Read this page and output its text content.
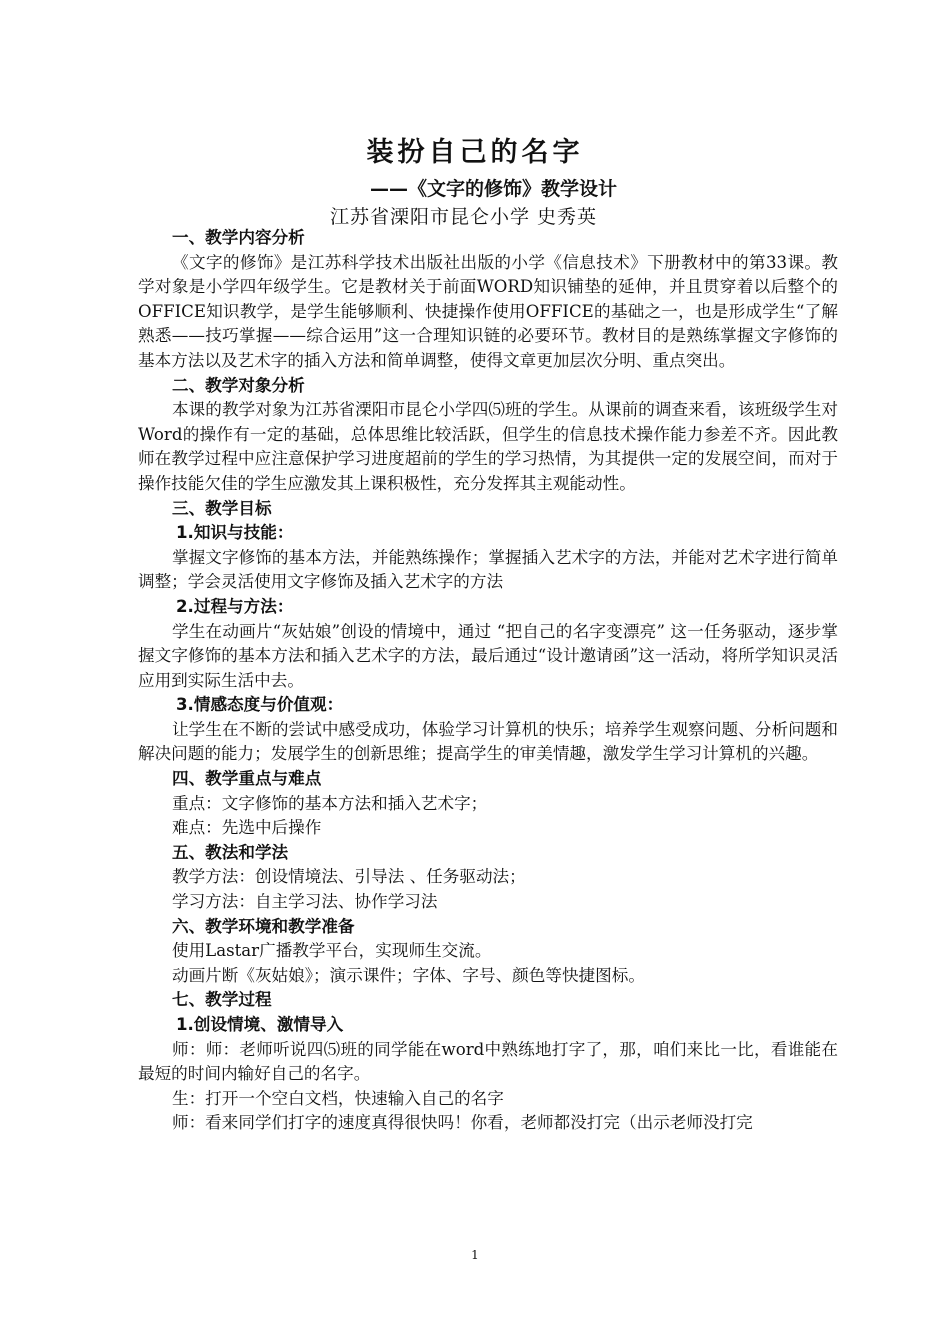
装扮自己的名字
——《文字的修饰》教学设计
江苏省溧阳市昆仑小学 史秀英
一、教学内容分析

《文字的修饰》是江苏科学技术出版社出版的小学《信息技术》下册教材中的第33课。教学对象是小学四年级学生。它是教材关于前面WORD知识铺垫的延伸，并且贯穿着以后整个的OFFICE知识教学，是学生能够顺利、快捷操作使用OFFICE的基础之一，也是形成学生“了解熟悉——技巧掌握——综合运用”这一合理知识链的必要环节。教材目的是熟练掌握文字修饰的基本方法以及艺术字的插入方法和简单调整，使得文章更加层次分明、重点突出。

二、教学对象分析

本课的教学对象为江苏省溧阳市昆仑小学四⑸班的学生。从课前的调查来看，该班级学生对Word的操作有一定的基础，总体思维比较活跃，但学生的信息技术操作能力参差不齐。因此教师在教学过程中应注意保护学习进度超前的学生的学习热情，为其提供一定的发展空间，而对于操作技能欠佳的学生应激发其上课积极性，充分发挥其主观能动性。

三、教学目标
1.知识与技能：

掌握文字修饰的基本方法，并能熟练操作；掌握插入艺术字的方法，并能对艺术字进行简单调整；学会灵活使用文字修饰及插入艺术字的方法

2.过程与方法：

学生在动画片“灰姑娘”创设的情境中，通过 “把自己的名字变漂亮” 这一任务驱动，逐步掌握文字修饰的基本方法和插入艺术字的方法，最后通过“设计邀请函”这一活动，将所学知识灵活应用到实际生活中去。

3.情感态度与价值观：

让学生在不断的尝试中感受成功，体验学习计算机的快乐；培养学生观察问题、分析问题和解决问题的能力；发展学生的创新思维；提高学生的审美情趣，激发学生学习计算机的兴趣。

四、教学重点与难点
重点：文字修饰的基本方法和插入艺术字；
难点：先选中后操作
五、教法和学法
教学方法：创设情境法、引导法 、任务驱动法；
学习方法：自主学习法、协作学习法
六、教学环境和教学准备
使用Lastar广播教学平台，实现师生交流。
动画片断《灰姑娘》；演示课件；字体、字号、颜色等快捷图标。
七、教学过程
1.创设情境、激情导入

师：师：老师听说四⑸班的同学能在word中熟练地打字了，那，咱们来比一比，看谁能在最短的时间内输好自己的名字。

生：打开一个空白文档，快速输入自己的名字

师：看来同学们打字的速度真得很快吗！你看，老师都没打完（出示老师没打完

1
